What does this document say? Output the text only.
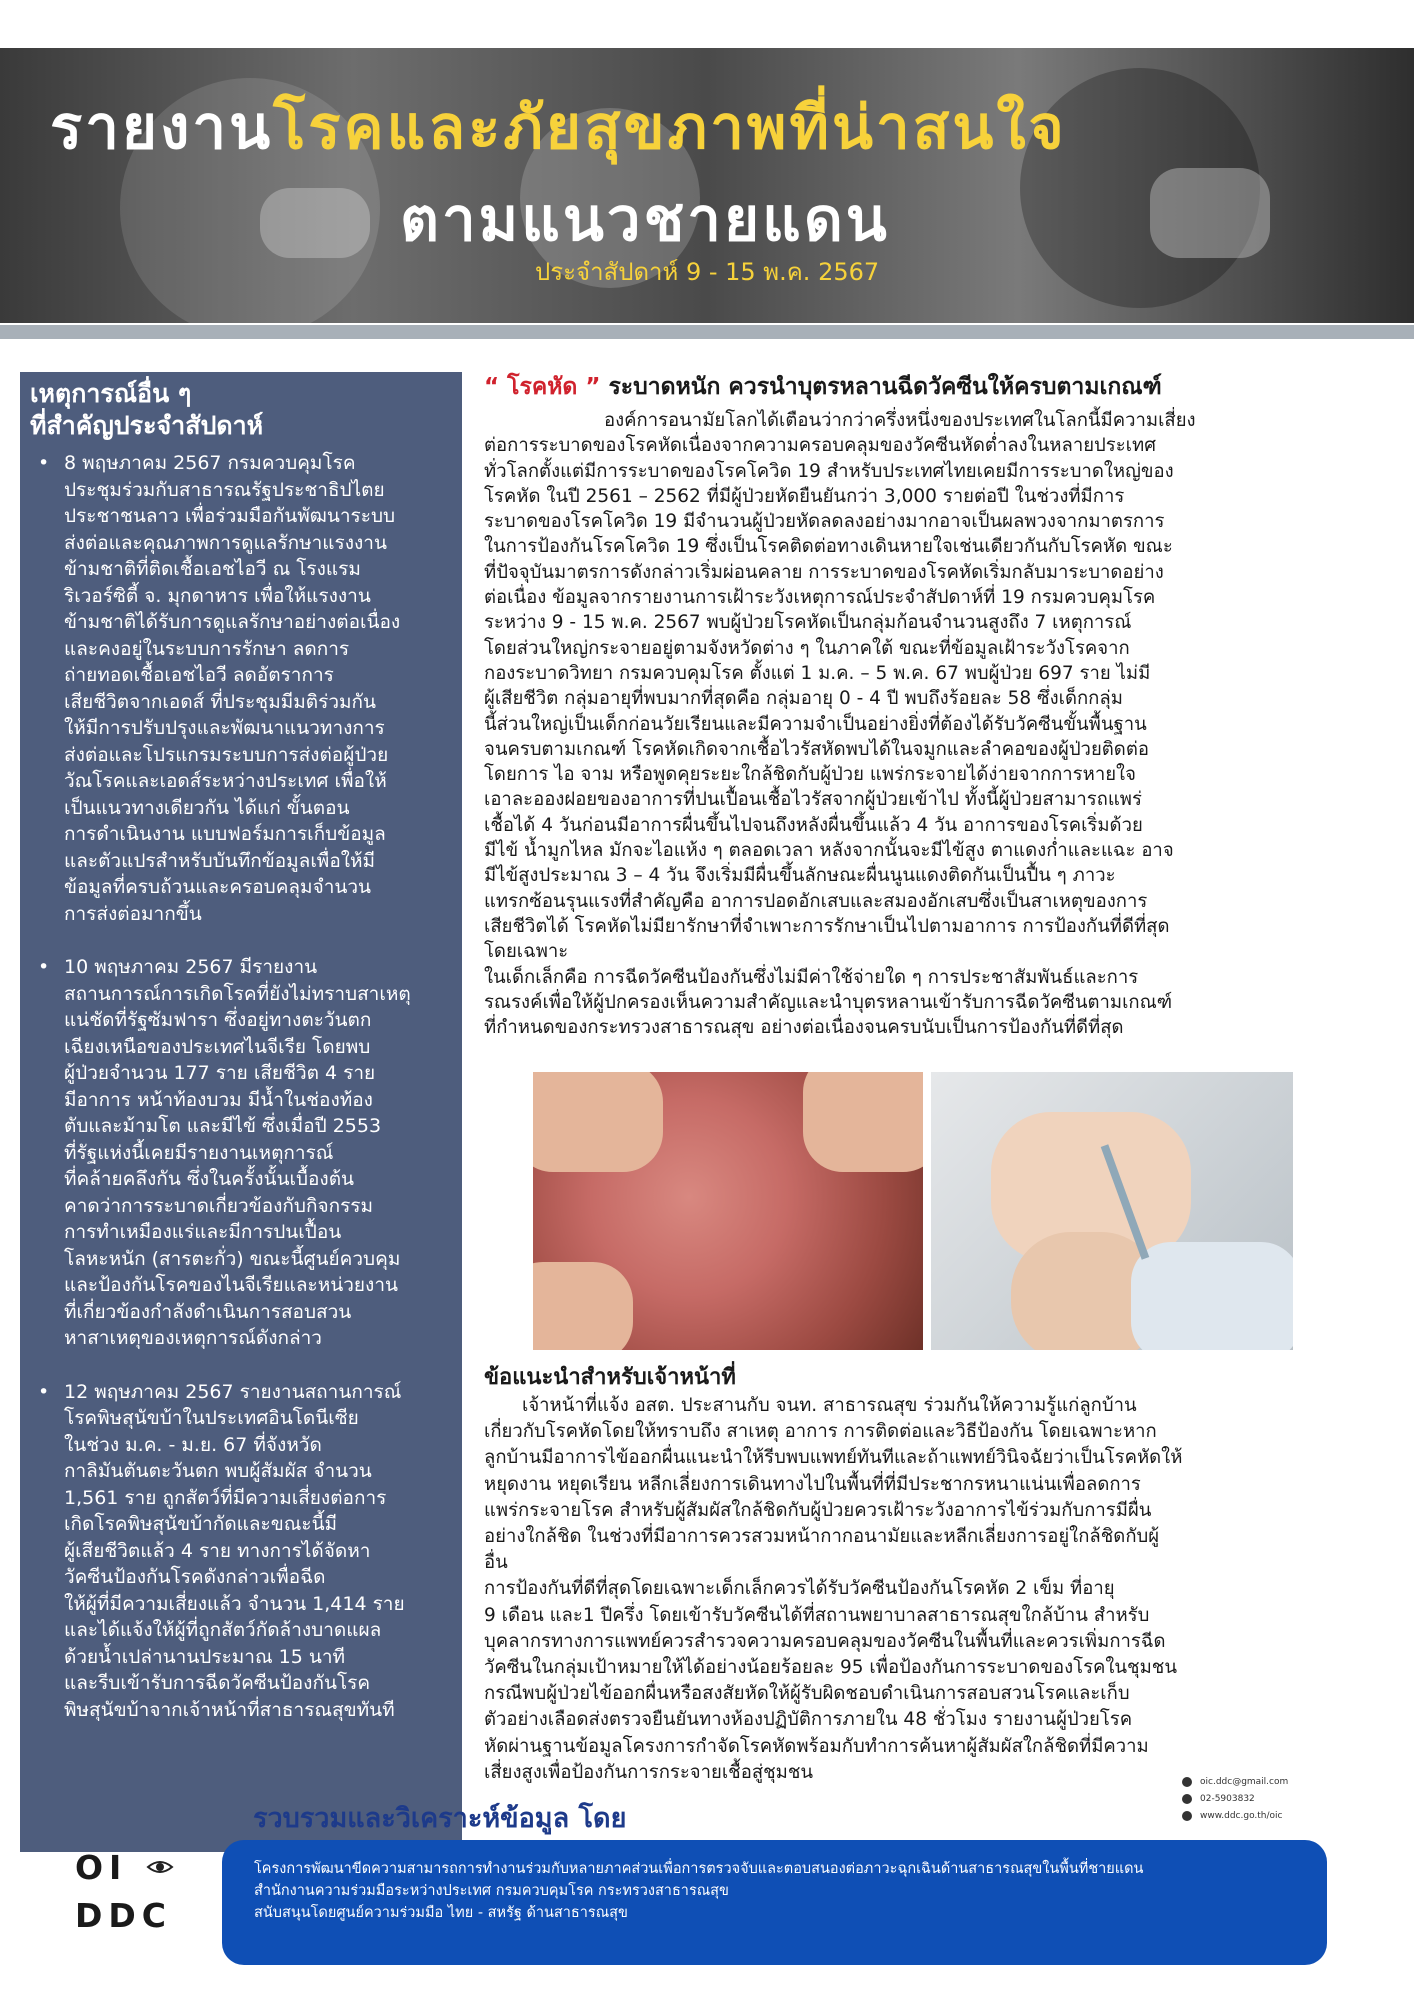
รายงานโรคและภัยสุขภาพที่น่าสนใจ
ตามแนวชายแดน
ประจำสัปดาห์ 9 - 15 พ.ค. 2567
เหตุการณ์อื่น ๆ
ที่สำคัญประจำสัปดาห์
• 8 พฤษภาคม 2567 กรมควบคุมโรค
ประชุมร่วมกับสาธารณรัฐประชาธิปไตย
ประชาชนลาว เพื่อร่วมมือกันพัฒนาระบบ
ส่งต่อและคุณภาพการดูแลรักษาแรงงาน
ข้ามชาติที่ติดเชื้อเอชไอวี ณ โรงแรม
ริเวอร์ซิตี้ จ. มุกดาหาร เพื่อให้แรงงาน
ข้ามชาติได้รับการดูแลรักษาอย่างต่อเนื่อง
และคงอยู่ในระบบการรักษา ลดการ
ถ่ายทอดเชื้อเอชไอวี ลดอัตราการ
เสียชีวิตจากเอดส์ ที่ประชุมมีมติร่วมกัน
ให้มีการปรับปรุงและพัฒนาแนวทางการ
ส่งต่อและโปรแกรมระบบการส่งต่อผู้ป่วย
วัณโรคและเอดส์ระหว่างประเทศ เพื่อให้
เป็นแนวทางเดียวกัน ได้แก่ ขั้นตอน
การดำเนินงาน แบบฟอร์มการเก็บข้อมูล
และตัวแปรสำหรับบันทึกข้อมูลเพื่อให้มี
ข้อมูลที่ครบถ้วนและครอบคลุมจำนวน
การส่งต่อมากขึ้น
• 10 พฤษภาคม 2567 มีรายงาน
สถานการณ์การเกิดโรคที่ยังไม่ทราบสาเหตุ
แน่ชัดที่รัฐซัมฟารา ซึ่งอยู่ทางตะวันตก
เฉียงเหนือของประเทศไนจีเรีย โดยพบ
ผู้ป่วยจำนวน 177 ราย เสียชีวิต 4 ราย
มีอาการ หน้าท้องบวม มีน้ำในช่องท้อง
ตับและม้ามโต และมีไข้ ซึ่งเมื่อปี 2553
ที่รัฐแห่งนี้เคยมีรายงานเหตุการณ์
ที่คล้ายคลึงกัน ซึ่งในครั้งนั้นเบื้องต้น
คาดว่าการระบาดเกี่ยวข้องกับกิจกรรม
การทำเหมืองแร่และมีการปนเปื้อน
โลหะหนัก (สารตะกั่ว) ขณะนี้ศูนย์ควบคุม
และป้องกันโรคของไนจีเรียและหน่วยงาน
ที่เกี่ยวข้องกำลังดำเนินการสอบสวน
หาสาเหตุของเหตุการณ์ดังกล่าว
• 12 พฤษภาคม 2567 รายงานสถานการณ์
โรคพิษสุนัขบ้าในประเทศอินโดนีเซีย
ในช่วง ม.ค. - ม.ย. 67 ที่จังหวัด
กาลิมันตันตะวันตก พบผู้สัมผัส จำนวน
1,561 ราย ถูกสัตว์ที่มีความเสี่ยงต่อการ
เกิดโรคพิษสุนัขบ้ากัดและขณะนี้มี
ผู้เสียชีวิตแล้ว 4 ราย ทางการได้จัดหา
วัคซีนป้องกันโรคดังกล่าวเพื่อฉีด
ให้ผู้ที่มีความเสี่ยงแล้ว จำนวน 1,414 ราย
และได้แจ้งให้ผู้ที่ถูกสัตว์กัดล้างบาดแผล
ด้วยน้ำเปล่านานประมาณ 15 นาที
และรีบเข้ารับการฉีดวัคซีนป้องกันโรค
พิษสุนัขบ้าจากเจ้าหน้าที่สาธารณสุขทันที
“ โรคหัด ” ระบาดหนัก ควรนำบุตรหลานฉีดวัคซีนให้ครบตามเกณฑ์
องค์การอนามัยโลกได้เตือนว่ากว่าครึ่งหนึ่งของประเทศในโลกนี้มีความเสี่ยง
ต่อการระบาดของโรคหัดเนื่องจากความครอบคลุมของวัคซีนหัดต่ำลงในหลายประเทศ
ทั่วโลกตั้งแต่มีการระบาดของโรคโควิด 19 สำหรับประเทศไทยเคยมีการระบาดใหญ่ของ
โรคหัด ในปี 2561 – 2562 ที่มีผู้ป่วยหัดยืนยันกว่า 3,000 รายต่อปี ในช่วงที่มีการ
ระบาดของโรคโควิด 19 มีจำนวนผู้ป่วยหัดลดลงอย่างมากอาจเป็นผลพวงจากมาตรการ
ในการป้องกันโรคโควิด 19 ซึ่งเป็นโรคติดต่อทางเดินหายใจเช่นเดียวกันกับโรคหัด ขณะ
ที่ปัจจุบันมาตรการดังกล่าวเริ่มผ่อนคลาย การระบาดของโรคหัดเริ่มกลับมาระบาดอย่าง
ต่อเนื่อง ข้อมูลจากรายงานการเฝ้าระวังเหตุการณ์ประจำสัปดาห์ที่ 19 กรมควบคุมโรค
ระหว่าง 9 - 15 พ.ค. 2567 พบผู้ป่วยโรคหัดเป็นกลุ่มก้อนจำนวนสูงถึง 7 เหตุการณ์
โดยส่วนใหญ่กระจายอยู่ตามจังหวัดต่าง ๆ ในภาคใต้ ขณะที่ข้อมูลเฝ้าระวังโรคจาก
กองระบาดวิทยา กรมควบคุมโรค ตั้งแต่ 1 ม.ค. – 5 พ.ค. 67 พบผู้ป่วย 697 ราย ไม่มี
ผู้เสียชีวิต กลุ่มอายุที่พบมากที่สุดคือ กลุ่มอายุ 0 - 4 ปี พบถึงร้อยละ 58 ซึ่งเด็กกลุ่ม
นี้ส่วนใหญ่เป็นเด็กก่อนวัยเรียนและมีความจำเป็นอย่างยิ่งที่ต้องได้รับวัคซีนขั้นพื้นฐาน
จนครบตามเกณฑ์ โรคหัดเกิดจากเชื้อไวรัสหัดพบได้ในจมูกและลำคอของผู้ป่วยติดต่อ
โดยการ ไอ จาม หรือพูดคุยระยะใกล้ชิดกับผู้ป่วย แพร่กระจายได้ง่ายจากการหายใจ
เอาละอองฝอยของอาการที่ปนเปื้อนเชื้อไวรัสจากผู้ป่วยเข้าไป ทั้งนี้ผู้ป่วยสามารถแพร่
เชื้อได้ 4 วันก่อนมีอาการผื่นขึ้นไปจนถึงหลังผื่นขึ้นแล้ว 4 วัน อาการของโรคเริ่มด้วย
มีไข้ น้ำมูกไหล มักจะไอแห้ง ๆ ตลอดเวลา หลังจากนั้นจะมีไข้สูง ตาแดงก่ำและแฉะ อาจ
มีไข้สูงประมาณ 3 – 4 วัน จึงเริ่มมีผื่นขึ้นลักษณะผื่นนูนแดงติดกันเป็นปื้น ๆ ภาวะ
แทรกซ้อนรุนแรงที่สำคัญคือ อาการปอดอักเสบและสมองอักเสบซึ่งเป็นสาเหตุของการ
เสียชีวิตได้ โรคหัดไม่มียารักษาที่จำเพาะการรักษาเป็นไปตามอาการ การป้องกันที่ดีที่สุด
โดยเฉพาะ
ในเด็กเล็กคือ การฉีดวัคซีนป้องกันซึ่งไม่มีค่าใช้จ่ายใด ๆ การประชาสัมพันธ์และการ
รณรงค์เพื่อให้ผู้ปกครองเห็นความสำคัญและนำบุตรหลานเข้ารับการฉีดวัคซีนตามเกณฑ์
ที่กำหนดของกระทรวงสาธารณสุข อย่างต่อเนื่องจนครบนับเป็นการป้องกันที่ดีที่สุด
ข้อแนะนำสำหรับเจ้าหน้าที่
เจ้าหน้าที่แจ้ง อสต. ประสานกับ จนท. สาธารณสุข ร่วมกันให้ความรู้แก่ลูกบ้าน
เกี่ยวกับโรคหัดโดยให้ทราบถึง สาเหตุ อาการ การติดต่อและวิธีป้องกัน โดยเฉพาะหาก
ลูกบ้านมีอาการไข้ออกผื่นแนะนำให้รีบพบแพทย์ทันทีและถ้าแพทย์วินิจฉัยว่าเป็นโรคหัดให้
หยุดงาน หยุดเรียน หลีกเลี่ยงการเดินทางไปในพื้นที่ที่มีประชากรหนาแน่นเพื่อลดการ
แพร่กระจายโรค สำหรับผู้สัมผัสใกล้ชิดกับผู้ป่วยควรเฝ้าระวังอาการไข้ร่วมกับการมีผื่น
อย่างใกล้ชิด ในช่วงที่มีอาการควรสวมหน้ากากอนามัยและหลีกเลี่ยงการอยู่ใกล้ชิดกับผู้
อื่น
การป้องกันที่ดีที่สุดโดยเฉพาะเด็กเล็กควรได้รับวัคซีนป้องกันโรคหัด 2 เข็ม ที่อายุ
9 เดือน และ1 ปีครึ่ง โดยเข้ารับวัคซีนได้ที่สถานพยาบาลสาธารณสุขใกล้บ้าน สำหรับ
บุคลากรทางการแพทย์ควรสำรวจความครอบคลุมของวัคซีนในพื้นที่และควรเพิ่มการฉีด
วัคซีนในกลุ่มเป้าหมายให้ได้อย่างน้อยร้อยละ 95 เพื่อป้องกันการระบาดของโรคในชุมชน
กรณีพบผู้ป่วยไข้ออกผื่นหรือสงสัยหัดให้ผู้รับผิดชอบดำเนินการสอบสวนโรคและเก็บ
ตัวอย่างเลือดส่งตรวจยืนยันทางห้องปฏิบัติการภายใน 48 ชั่วโมง รายงานผู้ป่วยโรค
หัดผ่านฐานข้อมูลโครงการกำจัดโรคหัดพร้อมกับทำการค้นหาผู้สัมผัสใกล้ชิดที่มีความ
เสี่ยงสูงเพื่อป้องกันการกระจายเชื้อสู่ชุมชน
รวบรวมและวิเคราะห์ข้อมูล โดย
oic.ddc@gmail.com
02-5903832
www.ddc.go.th/oic
OI
DDC
โครงการพัฒนาขีดความสามารถการทำงานร่วมกับหลายภาคส่วนเพื่อการตรวจจับและตอบสนองต่อภาวะฉุกเฉินด้านสาธารณสุขในพื้นที่ชายแดน
สำนักงานความร่วมมือระหว่างประเทศ กรมควบคุมโรค กระทรวงสาธารณสุข
สนับสนุนโดยศูนย์ความร่วมมือ ไทย - สหรัฐ ด้านสาธารณสุข
